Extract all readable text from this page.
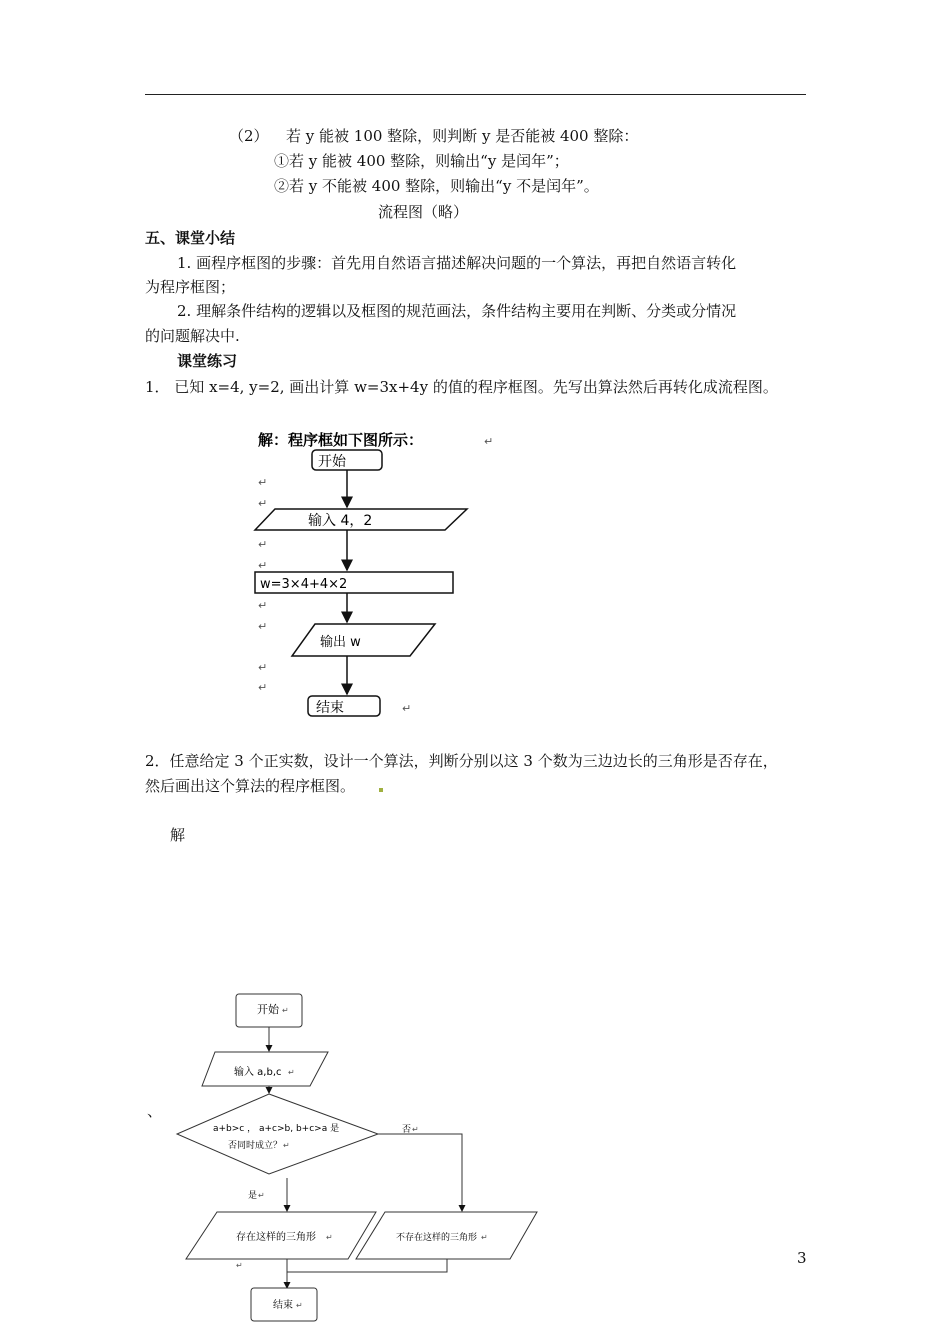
（2） 若 y 能被 100 整除，则判断 y 是否能被 400 整除：
①若 y 能被 400 整除，则输出“y 是闰年”；
②若 y 不能被 400 整除，则输出“y 不是闰年”。
流程图（略）
五、课堂小结
1. 画程序框图的步骤：首先用自然语言描述解决问题的一个算法，再把自然语言转化
为程序框图；
2. 理解条件结构的逻辑以及框图的规范画法，条件结构主要用在判断、分类或分情况
的问题解决中.
课堂练习
1． 已知 x=4, y=2, 画出计算 w=3x+4y 的值的程序框图。先写出算法然后再转化成流程图。
解：程序框如下图所示：	↵
开始
输入 4，2
w=3×4+4×2
输出 w
结束	↵
↵
↵
↵
↵
↵
↵
↵
↵
2．任意给定 3 个正实数，设计一个算法，判断分别以这 3 个数为三边边长的三角形是否存在，
然后画出这个算法的程序框图。
解
开始 ↵
输入 a,b,c ↵
a+b>c ， a+c>b, b+c>a 是
否同时成立？ ↵
否 ↵
是 ↵
存在这样的三角形 ↵	不存在这样的三角形 ↵
↵
结束 ↵
、
3
